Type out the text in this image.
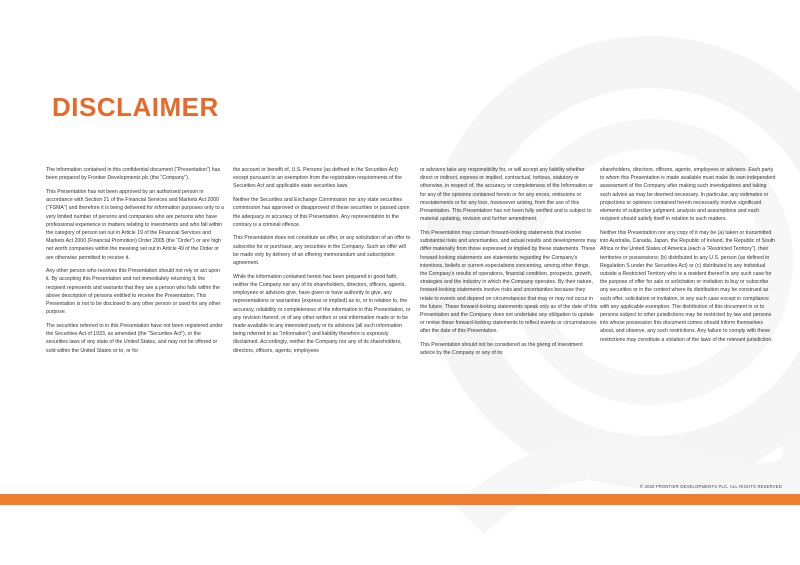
DISCLAIMER

The information contained in this confidential document (“Presentation”) has been prepared by Frontier Developments plc (the “Company”).

This Presentation has not been approved by an authorised person in accordance with Section 21 of the Financial Services and Markets Act 2000 (“FSMA”) and therefore it is being delivered for information purposes only to a very limited number of persons and companies who are persons who have professional experience in matters relating to investments and who fall within the category of person set out in Article 19 of the Financial Services and Markets Act 2000 (Financial Promotion) Order 2005 (the “Order”) or are high net worth companies within the meaning set out in Article 49 of the Order or are otherwise permitted to receive it.

Any other person who receives this Presentation should not rely or act upon it. By accepting this Presentation and not immediately returning it, the recipient represents and warrants that they are a person who falls within the above description of persons entitled to receive the Presentation. This Presentation is not to be disclosed to any other person or used for any other purpose.

The securities referred to in this Presentation have not been registered under the Securities Act of 1933, as amended (the “Securities Act”), or the securities laws of any state of the United States, and may not be offered or sold within the United States or to, or for

the account or benefit of, U.S. Persons (as defined in the Securities Act) except pursuant to an exemption from the registration requirements of the Securities Act and applicable state securities laws.

Neither the Securities and Exchange Commission nor any state securities commission has approved or disapproved of these securities or passed upon the adequacy or accuracy of this Presentation. Any representation to the contrary is a criminal offence.

This Presentation does not constitute an offer, or any solicitation of an offer to subscribe for or purchase, any securities in the Company. Such an offer will be made only by delivery of an offering memorandum and subscription agreement.

While the information contained herein has been prepared in good faith, neither the Company nor any of its shareholders, directors, officers, agents, employees or advisors give, have given or have authority to give, any representations or warranties (express or implied) as to, or in relation to, the accuracy, reliability or completeness of the information in this Presentation, or any revision thereof, or of any other written or oral information made or to be made available to any interested party or its advisors (all such information being referred to as “Information”) and liability therefore is expressly disclaimed. Accordingly, neither the Company nor any of its shareholders, directors, officers, agents, employees

or advisors take any responsibility for, or will accept any liability whether direct or indirect, express or implied, contractual, tortious, statutory or otherwise, in respect of, the accuracy or completeness of the Information or for any of the opinions contained herein or for any errors, omissions or misstatements or for any loss, howsoever arising, from the use of this Presentation. This Presentation has not been fully verified and is subject to material updating, revision and further amendment.

This Presentation may contain forward-looking statements that involve substantial risks and uncertainties, and actual results and developments may differ materially from those expressed or implied by these statements. These forward-looking statements are statements regarding the Company’s intentions, beliefs or current expectations concerning, among other things, the Company’s results of operations, financial condition, prospects, growth, strategies and the industry in which the Company operates. By their nature, forward-looking statements involve risks and uncertainties because they relate to events and depend on circumstances that may or may not occur in the future. These forward-looking statements speak only as of the date of this Presentation and the Company does not undertake any obligation to update or revise these forward-looking statements to reflect events or circumstances after the date of this Presentation.

This Presentation should not be considered as the giving of investment advice by the Company or any of its

shareholders, directors, officers, agents, employees or advisers. Each party to whom this Presentation is made available must make its own independent assessment of the Company after making such investigations and taking such advice as may be deemed necessary. In particular, any estimates or projections or opinions contained herein necessarily involve significant elements of subjective judgment, analysis and assumptions and each recipient should satisfy itself in relation to such matters.

Neither this Presentation nor any copy of it may be (a) taken or transmitted into Australia, Canada, Japan, the Republic of Ireland, the Republic of South Africa or the United States of America (each a “Restricted Territory”), their territories or possessions; (b) distributed to any U.S. person (as defined in Regulation S under the Securities Act) or (c) distributed to any individual outside a Restricted Territory who is a resident thereof in any such case for the purpose of offer for sale or solicitation or invitation to buy or subscribe any securities or in the context where its distribution may be construed as such offer, solicitation or invitation, in any such case except in compliance with any applicable exemption. The distribution of this document in or to persons subject to other jurisdictions may be restricted by law and persons into whose possession this document comes should inform themselves about, and observe, any such restrictions. Any failure to comply with these restrictions may constitute a violation of the laws of the relevant jurisdiction.

© 2020 FRONTIER DEVELOPMENTS PLC. ALL RIGHTS RESERVED
